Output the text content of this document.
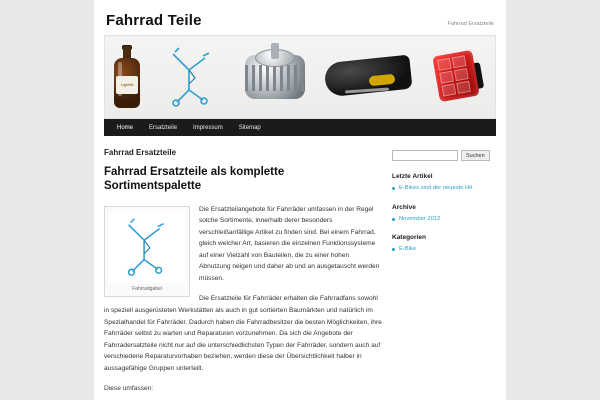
Fahrrad Teile	Fahrrad Ersatzteile
Lightfix
Home	Ersatzteile	Impressum	Sitemap
Fahrrad Ersatzteile
Fahrrad Ersatzteile als komplette Sortimentspalette
Fahrradgabel

Die Ersatzteilangebote für Fahrräder umfassen in der Regel solche Sortimente, innerhalb derer besonders verschleißanfällige Artikel zu finden sind. Bei einem Fahrrad, gleich welcher Art, basieren die einzelnen Funktionssysteme auf einer Vielzahl von Bauteilen, die zu einer hohen Abnutzung neigen und daher ab und an ausgetauscht werden müssen.

Die Ersatzteile für Fahrräder erhalten die Fahrradfans sowohl in speziell ausgerüsteten Werkstätten als auch in gut sortierten Baumärkten und natürlich im Spezialhandel für Fahrräder. Dadurch haben die Fahrradbesitzer die besten Möglichkeiten, ihre Fahrräder selbst zu warten und Reparaturen vorzunehmen. Da sich die Angebote der Fahrradersatzteile nicht nur auf die unterschiedlichsten Typen der Fahrräder, sondern auch auf verschiedene Reparaturvorhaben beziehen, werden diese der Übersichtlichkeit halber in aussagefähige Gruppen unterteilt.

Diese umfassen:

Suchen
Letzte Artikel
E-Bikes sind der neueste Hit
Archive
November 2012
Kategorien
E-Bike
